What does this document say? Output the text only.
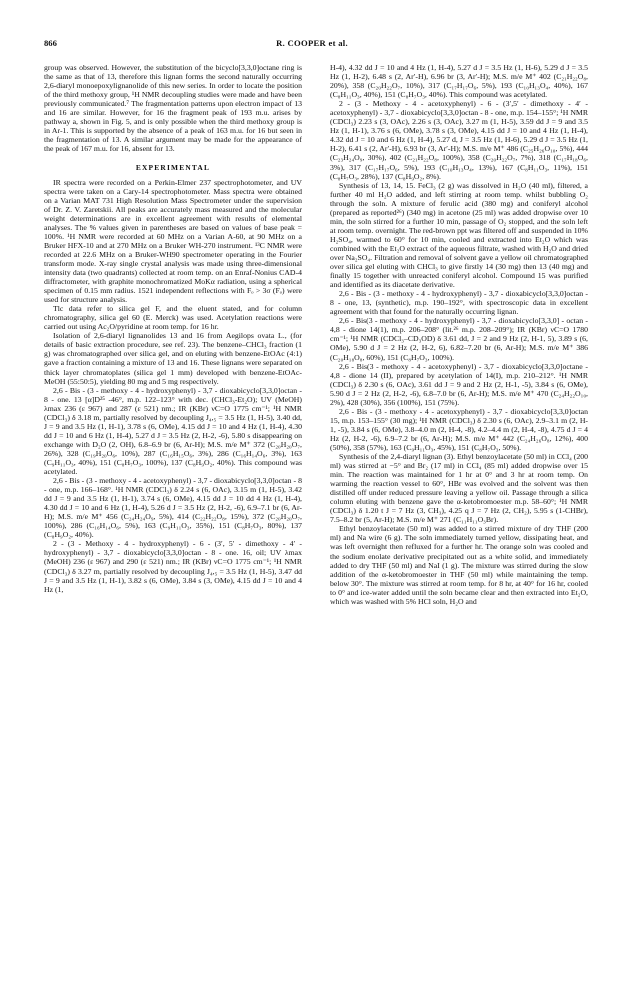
866	R. COOPER et al.

group was observed. However, the substitution of the bicyclo[3,3,0]octane ring is the same as that of 13, therefore this lignan forms the second naturally occurring 2,6-diaryl monoepoxylignanolide of this new series. In order to locate the position of the third methoxy group, ¹H NMR decoupling studies were made and have been previously communicated.⁷ The fragmentation patterns upon electron impact of 13 and 16 are similar. However, for 16 the fragment peak of 193 m.u. arises by pathway a, shown in Fig. 5, and is only possible when the third methoxy group is in Ar-1. This is supported by the absence of a peak of 163 m.u. for 16 but seen in the fragmentation of 13. A similar argument may be made for the appearance of the peak of 167 m.u. for 16, absent for 13.

EXPERIMENTAL

IR spectra were recorded on a Perkin-Elmer 237 spectrophotometer, and UV spectra were taken on a Cary-14 spectrophotometer. Mass spectra were obtained on a Varian MAT 731 High Resolution Mass Spectrometer under the supervision of Dr. Z. V. Zaretskii. All peaks are accurately mass measured and the molecular weight determinations are in excellent agreement with results of elemental analyses. The % values given in parentheses are based on values of base peak = 100%. ¹H NMR were recorded at 60 MHz on a Varian A-60, at 90 MHz on a Bruker HFX-10 and at 270 MHz on a Bruker WH-270 instrument. ¹³C NMR were recorded at 22.6 MHz on a Bruker-WH90 spectrometer operating in the Fourier transform mode. X-ray single crystal analysis was made using three-dimensional intensity data (two quadrants) collected at room temp. on an Enraf-Nonius CAD-4 diffractometer, with graphite monochromatized MoKα radiation, using a spherical specimen of 0.15 mm radius. 1521 independent reflections with Fₒ > 3σ (Fₒ) were used for structure analysis.

Tlc data refer to silica gel F, and the eluent stated, and for column chromatography, silica gel 60 (E. Merck) was used. Acetylation reactions were carried out using Ac₂O/pyridine at room temp. for 16 hr.

Isolation of 2,6-diaryl lignanolides 13 and 16 from Aegilops ovata L., (for details of basic extraction procedure, see ref. 23). The benzene–CHCl₃ fraction (1 g) was chromatographed over silica gel, and on eluting with benzene-EtOAc (4:1) gave a fraction containing a mixture of 13 and 16. These lignans were separated on thick layer chromatoplates (silica gel 1 mm) developed with benzene-EtOAc-MeOH (55:50:5), yielding 80 mg and 5 mg respectively.

2,6 - Bis - (3 - methoxy - 4 - hydroxyphenyl) - 3,7 - dioxabicyclo[3,3,0]octan - 8 - one. 13 [α]D²⁵ -46°, m.p. 122–123° with dec. (CHCl₃-Et₂O); UV (MeOH) λmax 236 (ε 967) and 287 (ε 521) nm.; IR (KBr) νC=O 1775 cm⁻¹; ¹H NMR (CDCl₃) δ 3.18 m, partially resolved by decoupling J₄,₅ = 3.5 Hz (1, H-5), 3.40 dd, J = 9 and 3.5 Hz (1, H-1), 3.78 s (6, OMe), 4.15 dd J = 10 and 4 Hz (1, H-4), 4.30 dd J = 10 and 6 Hz (1, H-4), 5.27 d J = 3.5 Hz (2, H-2, -6), 5.80 s disappearing on exchange with D₂O (2, OH), 6.8–6.9 br (6, Ar-H); M.S. m/e M⁺ 372 (C₂₀H₂₀O₇, 26%), 328 (C₁₉H₂₀O₆, 10%), 287 (C₁₆H₁₅O₆, 3%), 286 (C₁₆H₁₄O₆, 3%), 163 (C₉H₁₁O₃, 40%), 151 (C₈H₇O₃, 100%), 137 (C₈H₉O₂, 40%). This compound was acetylated.

2,6 - Bis - (3 - methoxy - 4 - acetoxyphenyl) - 3,7 - dioxabicyclo[3,3,0]octan - 8 - one, m.p. 166–168°. ¹H NMR (CDCl₃) δ 2.24 s (6, OAc), 3.15 m (1, H-5), 3.42 dd J = 9 and 3.5 Hz (1, H-1), 3.74 s (6, OMe), 4.15 dd J = 10 dd 4 Hz (1, H-4), 4.30 dd J = 10 and 6 Hz (1, H-4), 5.26 d J = 3.5 Hz (2, H-2, -6), 6.9–7.1 br (6, Ar-H); M.S. m/e M⁺ 456 (C₂₄H₂₄O₉, 5%), 414 (C₂₂H₂₂O₈, 15%), 372 (C₂₀H₂₀O₇, 100%), 286 (C₁₆H₁₄O₆, 5%), 163 (C₉H₁₁O₃, 35%), 151 (C₈H₇O₃, 80%), 137 (C₈H₉O₂, 40%).

2 - (3 - Methoxy - 4 - hydroxyphenyl) - 6 - (3′, 5′ - dimethoxy - 4′ - hydroxyphenyl) - 3,7 - dioxabicyclo[3,3,0]octan - 8 - one. 16, oil; UV λmax (MeOH) 236 (ε 967) and 290 (ε 521) nm.; IR (KBr) νC=O 1775 cm⁻¹; ¹H NMR (CDCl₃) δ 3.27 m, partially resolved by decoupling J₄,₅ = 3.5 Hz (1, H-5), 3.47 dd J = 9 and 3.5 Hz (1, H-1), 3.82 s (6, OMe), 3.84 s (3, OMe), 4.15 dd J = 10 and 4 Hz (1,

H-4), 4.32 dd J = 10 and 4 Hz (1, H-4), 5.27 d J = 3.5 Hz (1, H-6), 5.29 d J = 3.5 Hz (1, H-2), 6.48 s (2, Ar′-H), 6.96 br (3, Ar′-H); M.S. m/e M⁺ 402 (C₂₁H₂₂O₈, 20%), 358 (C₂₀H₂₂O₇, 10%), 317 (C₁₇H₁₇O₆, 5%), 193 (C₁₀H₁₃O₄, 40%), 167 (C₈H₁₁O₃, 40%), 151 (C₈H₇O₃, 40%). This compound was acetylated.

2 - (3 - Methoxy - 4 - acetoxyphenyl) - 6 - (3′,5′ - dimethoxy - 4′ - acetoxyphenyl) - 3,7 - dioxabicyclo[3,3,0]octan - 8 - one, m.p. 154–155°; ¹H NMR (CDCl₃) 2.23 s (3, OAc), 2.26 s (3, OAc), 3.27 m (1, H-5), 3.59 dd J = 9 and 3.5 Hz (1, H-1), 3.76 s (6, OMe), 3.78 s (3, OMe), 4.15 dd J = 10 and 4 Hz (1, H-4), 4.32 dd J = 10 and 6 Hz (1, H-4), 5.27 d, J = 3.5 Hz (1, H-6), 5.29 d J = 3.5 Hz (1, H-2), 6.41 s (2, Ar′-H), 6.93 br (3, Ar′-H); M.S. m/e M⁺ 486 (C₂₅H₂₆O₁₀, 5%), 444 (C₂₃H₂₄O₉, 30%), 402 (C₂₁H₂₂O₈, 100%), 358 (C₂₀H₂₂O₇, 7%), 318 (C₁₇H₁₈O₆, 3%), 317 (C₁₇H₁₇O₆, 5%), 193 (C₁₀H₁₃O₄, 13%), 167 (C₈H₁₁O₃, 11%), 151 (C₈H₇O₃, 28%), 137 (C₈H₉O₂, 8%).

Synthesis of 13, 14, 15. FeCl₃ (2 g) was dissolved in H₂O (40 ml), filtered, a further 40 ml H₂O added, and left stirring at room temp. whilst bubbling O₂ through the soln. A mixture of ferulic acid (380 mg) and coniferyl alcohol (prepared as reported²⁶) (340 mg) in acetone (25 ml) was added dropwise over 10 min, the soln stirred for a further 10 min, passage of O₂ stopped, and the soln left at room temp. overnight. The red-brown ppt was filtered off and suspended in 10% H₂SO₄, warmed to 60° for 10 min, cooled and extracted into Et₂O which was combined with the Et₂O extract of the aqueous filtrate, washed with H₂O and dried over Na₂SO₄. Filtration and removal of solvent gave a yellow oil chromatographed over silica gel eluting with CHCl₃ to give firstly 14 (30 mg) then 13 (40 mg) and finally 15 together with unreacted coniferyl alcohol. Compound 15 was purified and identified as its diacetate derivative.

2,6 - Bis - (3 - methoxy - 4 - hydroxyphenyl) - 3,7 - dioxabicyclo[3,3,0]octan - 8 - one, 13, (synthetic), m.p. 190–192°, with spectroscopic data in excellent agreement with that found for the naturally occurring lignan.

2,6 - Bis(3 - methoxy - 4 - hydroxyphenyl) - 3,7 - dioxabicyclo[3,3,0] - octan - 4,8 - dione 14(1), m.p. 206–208° (lit.²⁶ m.p. 208–209°); IR (KBr) νC=O 1780 cm⁻¹; ¹H NMR (CDCl₃–CD₃OD) δ 3.61 dd, J = 2 and 9 Hz (2, H-1, 5), 3.89 s (6, OMe), 5.90 d J = 2 Hz (2, H-2, 6), 6.82–7.20 br (6, Ar-H); M.S. m/e M⁺ 386 (C₂₀H₁₈O₈, 60%), 151 (C₈H₇O₃, 100%).

2,6 - Bis(3 - methoxy - 4 - acetoxyphenyl) - 3,7 - dioxabicyclo[3,3,0]octane - 4,8 - dione 14 (II), prepared by acetylation of 14(I), m.p. 210–212°. ¹H NMR (CDCl₃) δ 2.30 s (6, OAc), 3.61 dd J = 9 and 2 Hz (2, H-1, -5), 3.84 s (6, OMe), 5.90 d J = 2 Hz (2, H-2, -6), 6.8–7.0 br (6, Ar-H); M.S. m/e M⁺ 470 (C₂₄H₂₂O₁₀, 2%), 428 (30%), 356 (100%), 151 (75%).

2,6 - Bis - (3 - methoxy - 4 - acetoxyphenyl) - 3,7 - dioxabicyclo[3,3,0]octan 15, m.p. 153–155° (30 mg); ¹H NMR (CDCl₃) δ 2.30 s (6, OAc), 2.9–3.1 m (2, H-1, -5), 3.84 s (6, OMe), 3.8–4.0 m (2, H-4, -8), 4.2–4.4 m (2, H-4, -8), 4.75 d J = 4 Hz (2, H-2, -6), 6.9–7.2 br (6, Ar-H); M.S. m/e M⁺ 442 (C₂₄H₂₆O₈, 12%), 400 (50%), 358 (57%), 163 (C₉H₁₁O₃, 45%), 151 (C₈H₇O₃, 50%).

Synthesis of the 2,4-diaryl lignan (3). Ethyl benzoylacetate (50 ml) in CCl₄ (200 ml) was stirred at −5° and Br₂ (17 ml) in CCl₄ (85 ml) added dropwise over 15 min. The reaction was maintained for 1 hr at 0° and 3 hr at room temp. On warming the reaction vessel to 60°, HBr was evolved and the solvent was then distilled off under reduced pressure leaving a yellow oil. Passage through a silica column eluting with benzene gave the α-ketobromoester m.p. 58–60°; ¹H NMR (CDCl₃) δ 1.20 t J = 7 Hz (3, CH₃), 4.25 q J = 7 Hz (2, CH₂), 5.95 s (1-CHBr), 7.5–8.2 br (5, Ar-H); M.S. m/e M⁺ 271 (C₁₁H₁₁O₃Br).

Ethyl benzoylacetate (50 ml) was added to a stirred mixture of dry THF (200 ml) and Na wire (6 g). The soln immediately turned yellow, dissipating heat, and was left overnight then refluxed for a further hr. The orange soln was cooled and the sodium enolate derivative precipitated out as a white solid, and immediately added to dry THF (50 ml) and NaI (1 g). The mixture was stirred during the slow addition of the α-ketobromoester in THF (50 ml) while maintaining the temp. below 30°. The mixture was stirred at room temp. for 8 hr, at 40° for 16 hr, cooled to 0° and ice-water added until the soln became clear and then extracted into Et₂O, which was washed with 5% HCl soln, H₂O and
